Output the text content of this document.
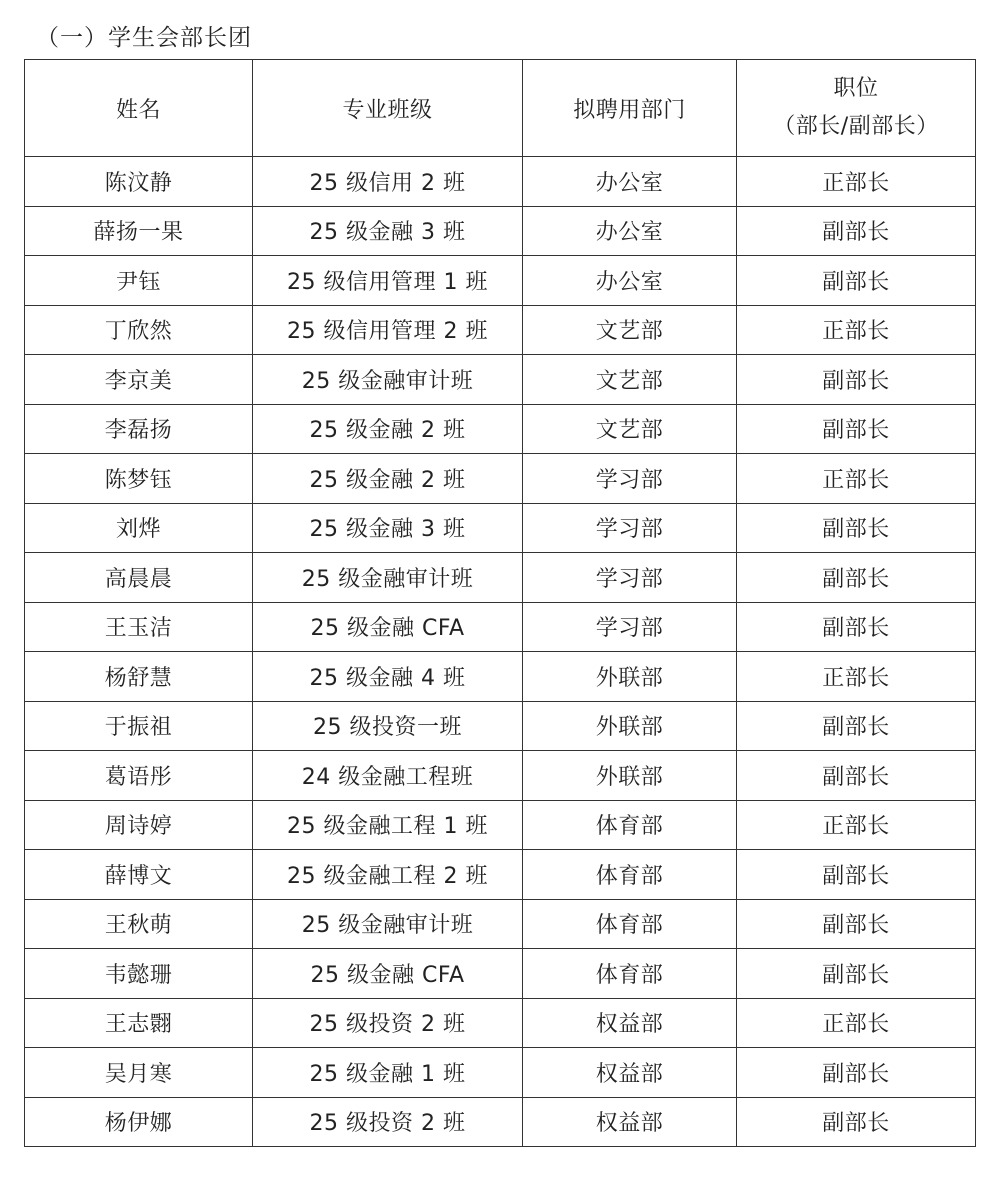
（一）学生会部长团
姓名	专业班级	拟聘用部门	职位
（部长/副部长）

陈汶静	25 级信用 2 班	办公室	正部长
薛扬一果	25 级金融 3 班	办公室	副部长
尹钰	25 级信用管理 1 班	办公室	副部长
丁欣然	25 级信用管理 2 班	文艺部	正部长
李京美	25 级金融审计班	文艺部	副部长
李磊扬	25 级金融 2 班	文艺部	副部长
陈梦钰	25 级金融 2 班	学习部	正部长
刘烨	25 级金融 3 班	学习部	副部长
高晨晨	25 级金融审计班	学习部	副部长
王玉洁	25 级金融 CFA	学习部	副部长
杨舒慧	25 级金融 4 班	外联部	正部长
于振祖	25 级投资一班	外联部	副部长
葛语彤	24 级金融工程班	外联部	副部长
周诗婷	25 级金融工程 1 班	体育部	正部长
薛博文	25 级金融工程 2 班	体育部	副部长
王秋萌	25 级金融审计班	体育部	副部长
韦懿珊	25 级金融 CFA	体育部	副部长
王志翾	25 级投资 2 班	权益部	正部长
吴月寒	25 级金融 1 班	权益部	副部长
杨伊娜	25 级投资 2 班	权益部	副部长
